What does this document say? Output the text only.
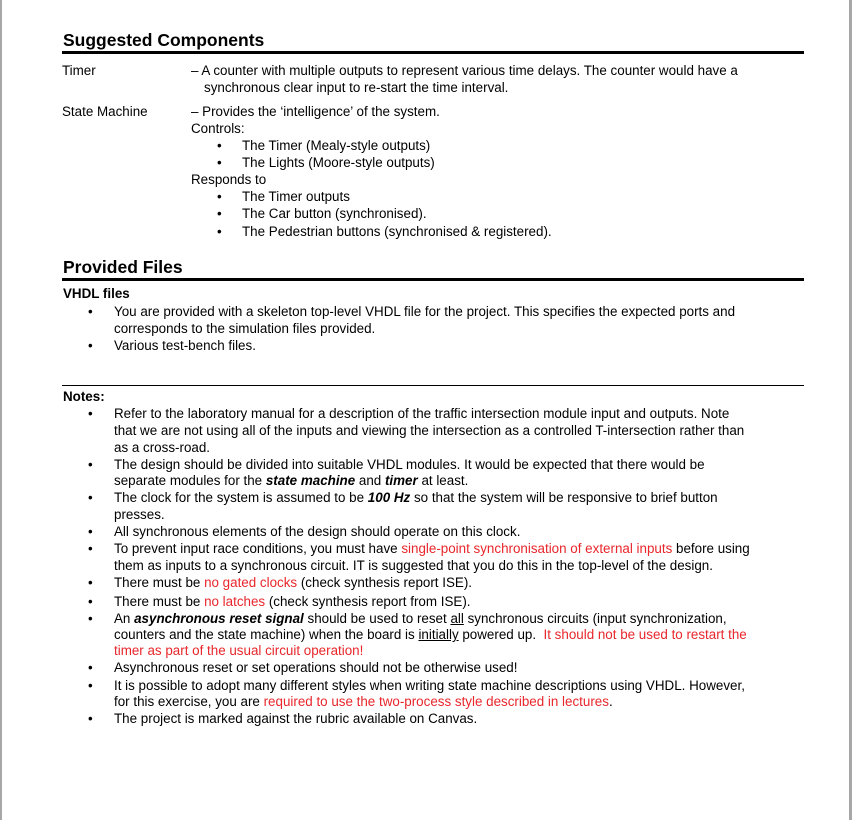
Suggested Components
Timer	– A counter with multiple outputs to represent various time delays. The counter would have a
synchronous clear input to re-start the time interval.
State Machine	– Provides the ‘intelligence’ of the system.
Controls:
• The Timer (Mealy-style outputs)
• The Lights (Moore-style outputs)
Responds to
• The Timer outputs
• The Car button (synchronised).
• The Pedestrian buttons (synchronised & registered).
Provided Files
VHDL files
• You are provided with a skeleton top-level VHDL file for the project. This specifies the expected ports and
corresponds to the simulation files provided.
• Various test-bench files.
Notes:
• Refer to the laboratory manual for a description of the traffic intersection module input and outputs. Note
that we are not using all of the inputs and viewing the intersection as a controlled T-intersection rather than
as a cross-road.
• The design should be divided into suitable VHDL modules. It would be expected that there would be
separate modules for the state machine and timer at least.
• The clock for the system is assumed to be 100 Hz so that the system will be responsive to brief button
presses.
• All synchronous elements of the design should operate on this clock.
• To prevent input race conditions, you must have single-point synchronisation of external inputs before using
them as inputs to a synchronous circuit. IT is suggested that you do this in the top-level of the design.
• There must be no gated clocks (check synthesis report ISE).
• There must be no latches (check synthesis report from ISE).
• An asynchronous reset signal should be used to reset all synchronous circuits (input synchronization,
counters and the state machine) when the board is initially powered up.  It should not be used to restart the
timer as part of the usual circuit operation!
• Asynchronous reset or set operations should not be otherwise used!
• It is possible to adopt many different styles when writing state machine descriptions using VHDL. However,
for this exercise, you are required to use the two-process style described in lectures.
• The project is marked against the rubric available on Canvas.
